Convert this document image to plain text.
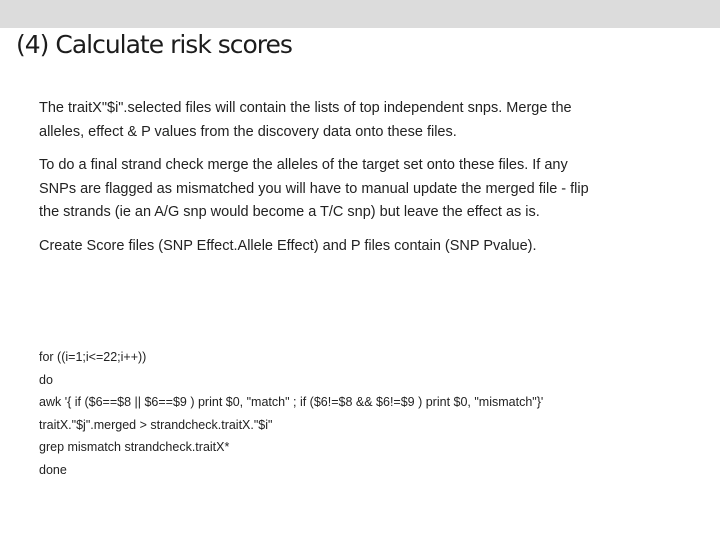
(4) Calculate risk scores

The traitX"$i".selected files will contain the lists of top independent snps. Merge the
alleles, effect & P values from the discovery data onto these files.

To do a final strand check merge the alleles of the target set onto these files. If any
SNPs are flagged as mismatched you will have to manual update the merged file - flip
the strands (ie an A/G snp would become a T/C snp) but leave the effect as is.

Create Score files (SNP Effect.Allele Effect) and P files contain (SNP Pvalue).

for ((i=1;i<=22;i++))
do
awk '{ if ($6==$8 || $6==$9 ) print $0, "match" ; if ($6!=$8 && $6!=$9 ) print $0, "mismatch"}'
traitX."$j".merged > strandcheck.traitX."$i"
grep mismatch strandcheck.traitX*
done
